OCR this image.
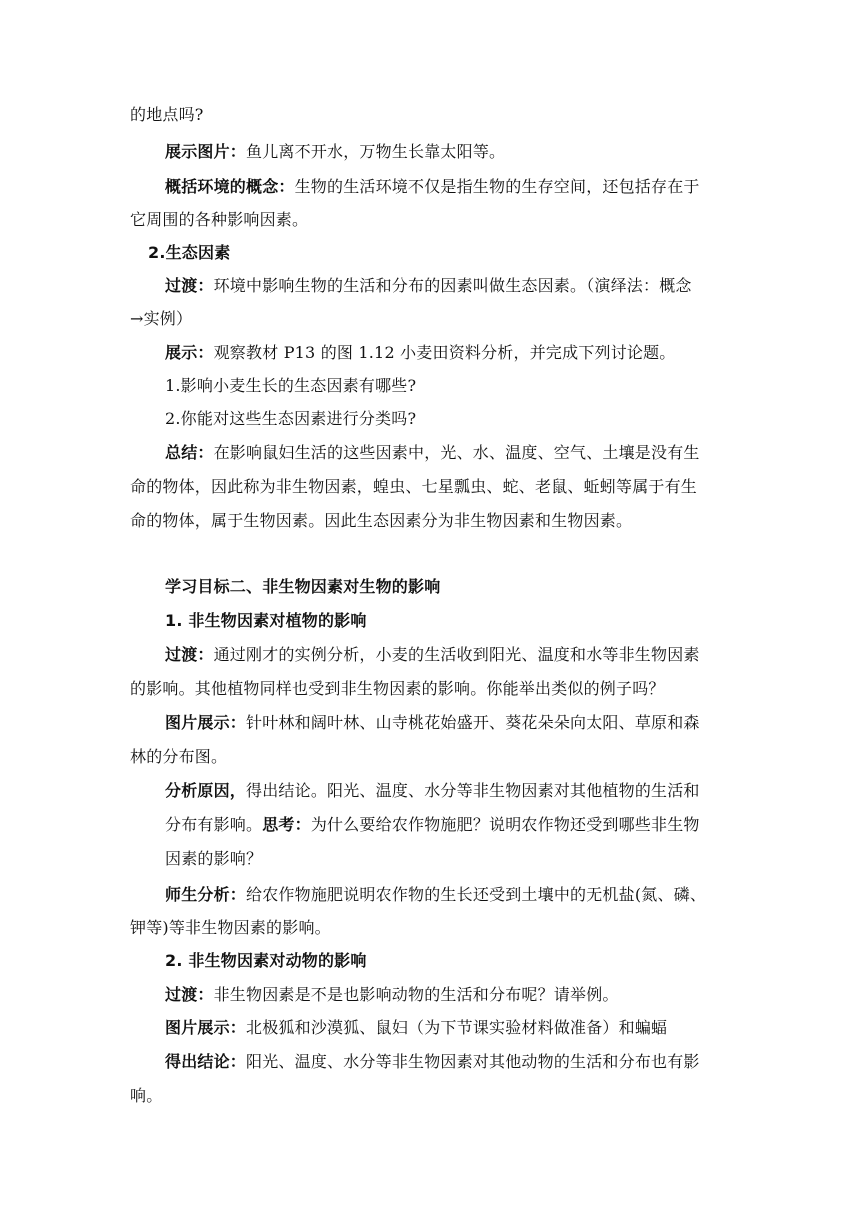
的地点吗?
展示图片：鱼儿离不开水，万物生长靠太阳等。
概括环境的概念：生物的生活环境不仅是指生物的生存空间，还包括存在于
它周围的各种影响因素。
2.生态因素
过渡：环境中影响生物的生活和分布的因素叫做生态因素。（演绎法：概念
→实例）
展示：观察教材 P13 的图 1.12 小麦田资料分析，并完成下列讨论题。
1.影响小麦生长的生态因素有哪些?
2.你能对这些生态因素进行分类吗?
总结：在影响鼠妇生活的这些因素中，光、水、温度、空气、土壤是没有生
命的物体，因此称为非生物因素，蝗虫、七星瓢虫、蛇、老鼠、蚯蚓等属于有生
命的物体，属于生物因素。因此生态因素分为非生物因素和生物因素。
学习目标二、非生物因素对生物的影响
1. 非生物因素对植物的影响
过渡：通过刚才的实例分析，小麦的生活收到阳光、温度和水等非生物因素
的影响。其他植物同样也受到非生物因素的影响。你能举出类似的例子吗？
图片展示：针叶林和阔叶林、山寺桃花始盛开、葵花朵朵向太阳、草原和森
林的分布图。
分析原因，得出结论。阳光、温度、水分等非生物因素对其他植物的生活和
分布有影响。思考：为什么要给农作物施肥？说明农作物还受到哪些非生物
因素的影响？
师生分析：给农作物施肥说明农作物的生长还受到土壤中的无机盐(氮、磷、
钾等)等非生物因素的影响。
2. 非生物因素对动物的影响
过渡：非生物因素是不是也影响动物的生活和分布呢？请举例。
图片展示：北极狐和沙漠狐、鼠妇（为下节课实验材料做准备）和蝙蝠
得出结论：阳光、温度、水分等非生物因素对其他动物的生活和分布也有影
响。
